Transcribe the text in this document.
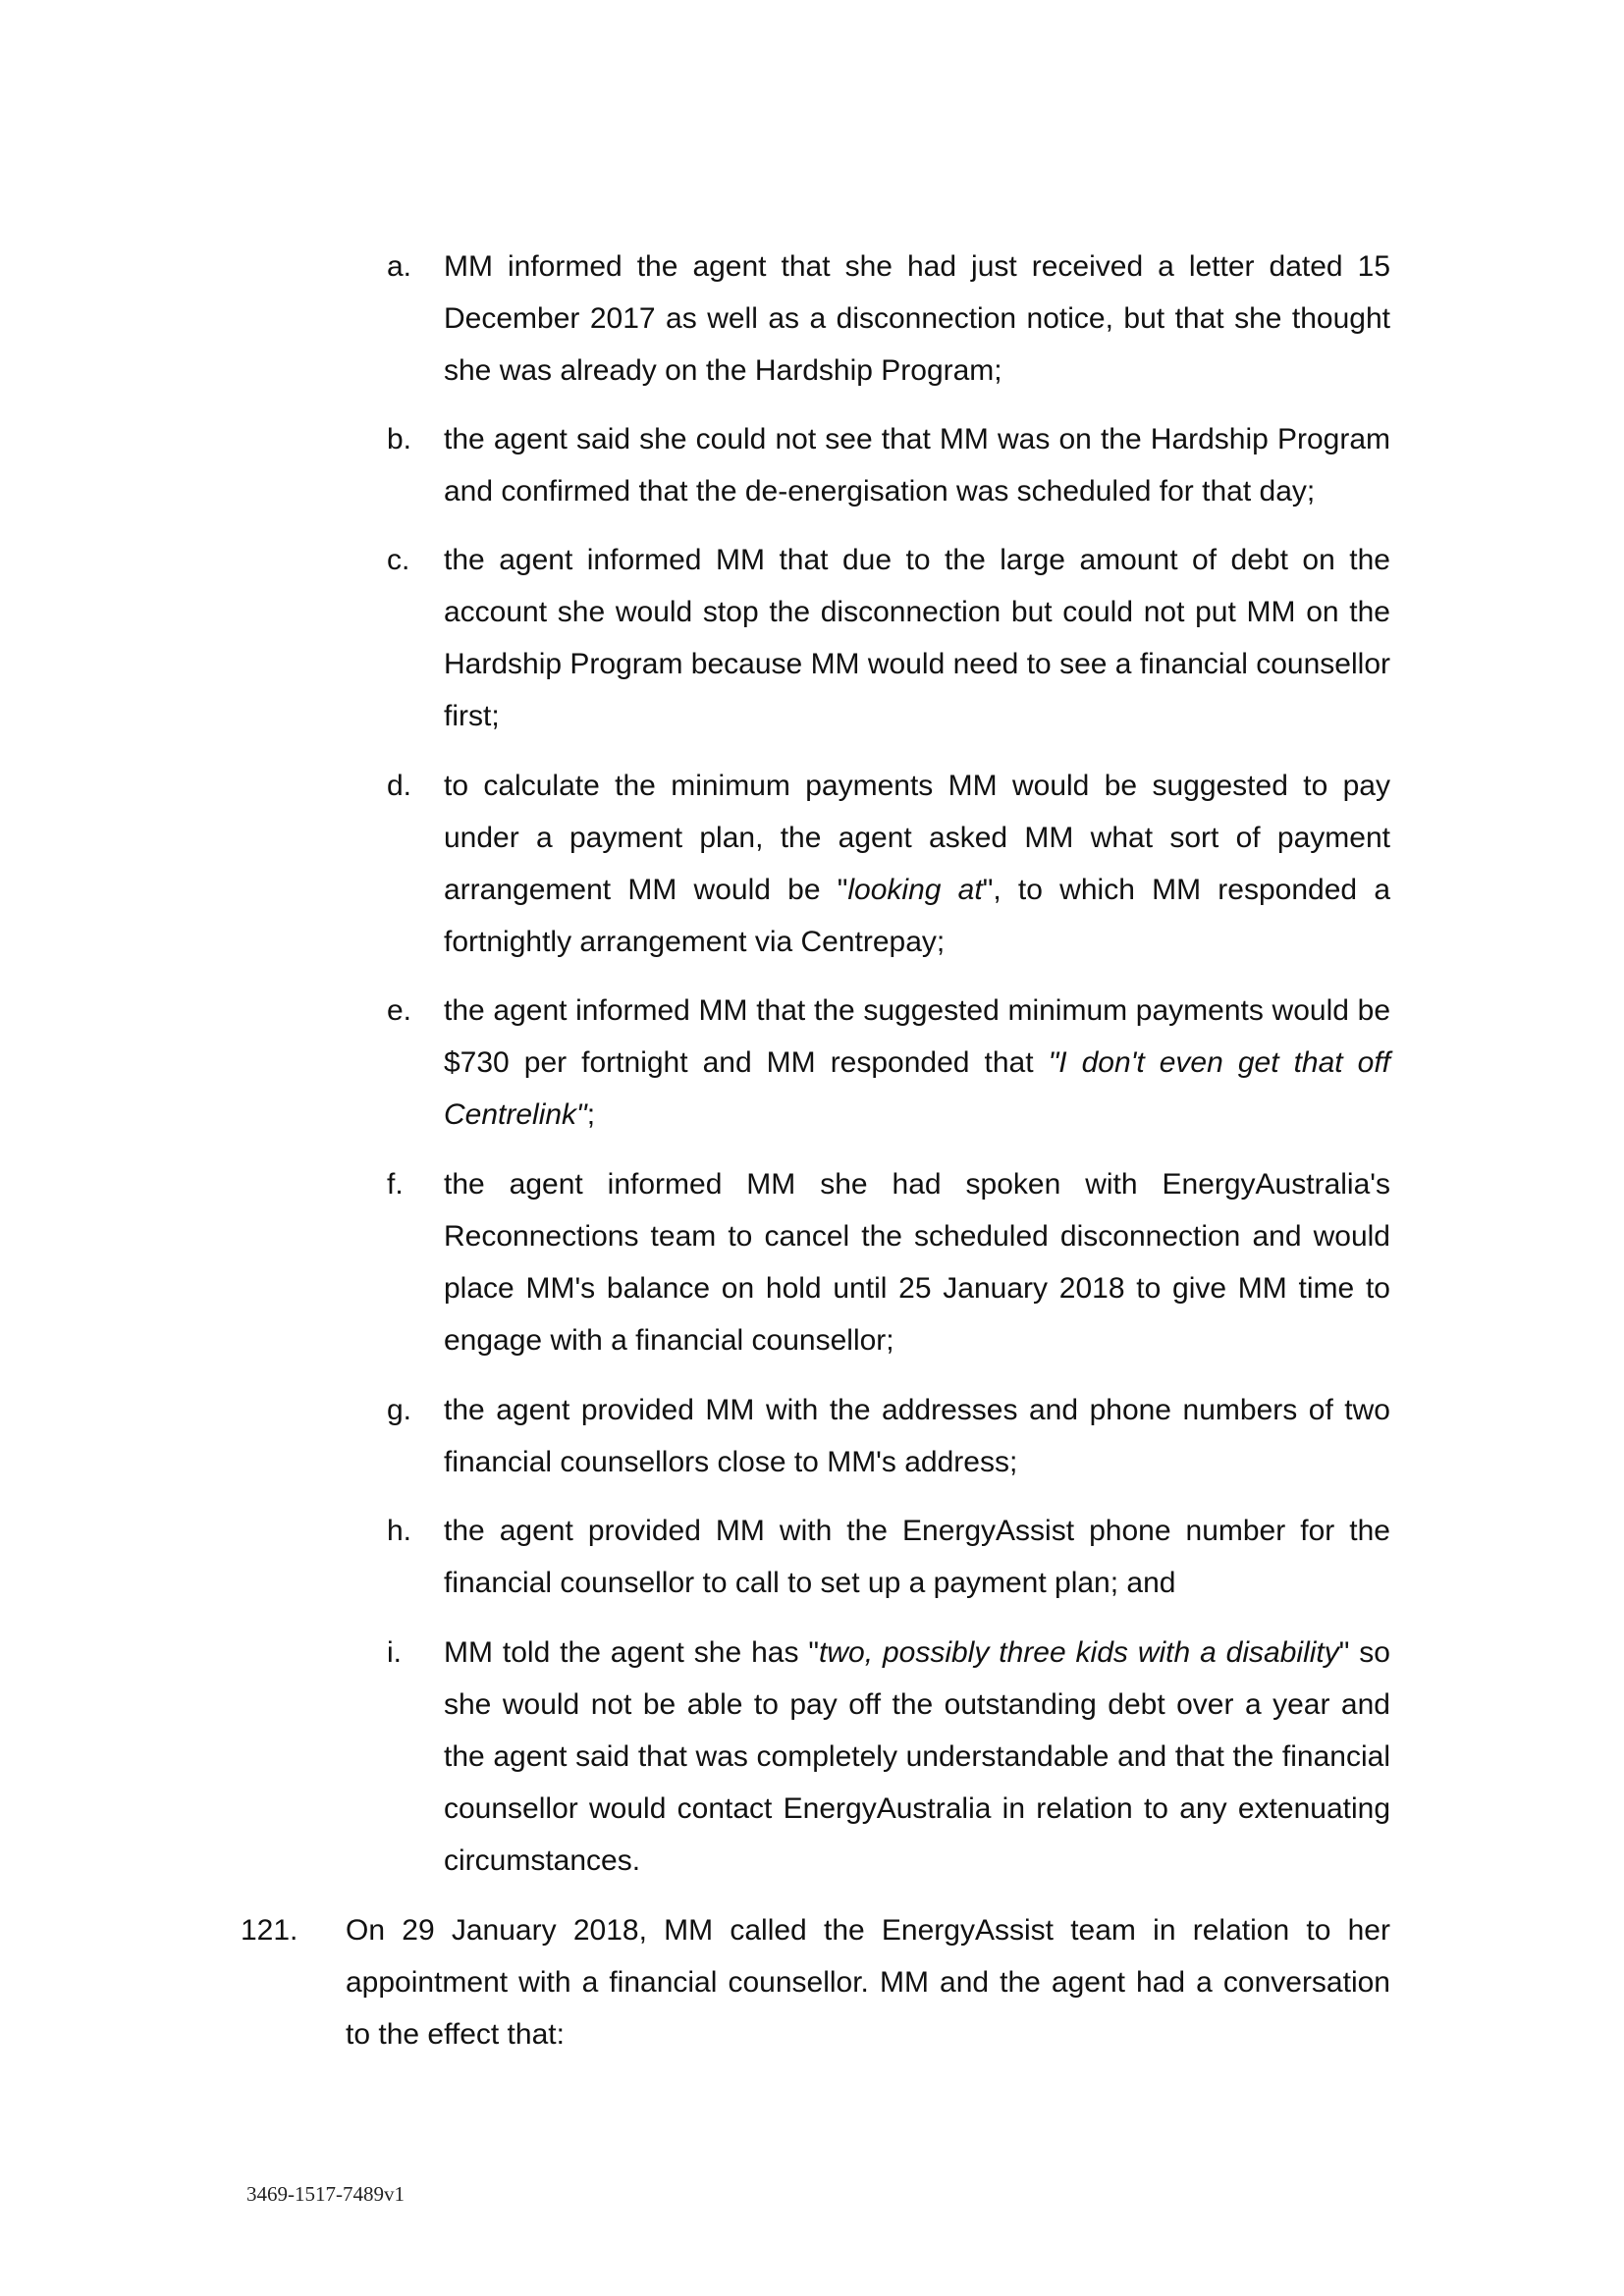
a.	MM informed the agent that she had just received a letter dated 15 December 2017 as well as a disconnection notice, but that she thought she was already on the Hardship Program;
b.	the agent said she could not see that MM was on the Hardship Program and confirmed that the de-energisation was scheduled for that day;
c.	the agent informed MM that due to the large amount of debt on the account she would stop the disconnection but could not put MM on the Hardship Program because MM would need to see a financial counsellor first;
d.	to calculate the minimum payments MM would be suggested to pay under a payment plan, the agent asked MM what sort of payment arrangement MM would be "looking at", to which MM responded a fortnightly arrangement via Centrepay;
e.	the agent informed MM that the suggested minimum payments would be $730 per fortnight and MM responded that "I don't even get that off Centrelink";
f.	the agent informed MM she had spoken with EnergyAustralia's Reconnections team to cancel the scheduled disconnection and would place MM's balance on hold until 25 January 2018 to give MM time to engage with a financial counsellor;
g.	the agent provided MM with the addresses and phone numbers of two financial counsellors close to MM's address;
h.	the agent provided MM with the EnergyAssist phone number for the financial counsellor to call to set up a payment plan; and
i.	MM told the agent she has "two, possibly three kids with a disability" so she would not be able to pay off the outstanding debt over a year and the agent said that was completely understandable and that the financial counsellor would contact EnergyAustralia in relation to any extenuating circumstances.
121.	On 29 January 2018, MM called the EnergyAssist team in relation to her appointment with a financial counsellor. MM and the agent had a conversation to the effect that:
3469-1517-7489v1
